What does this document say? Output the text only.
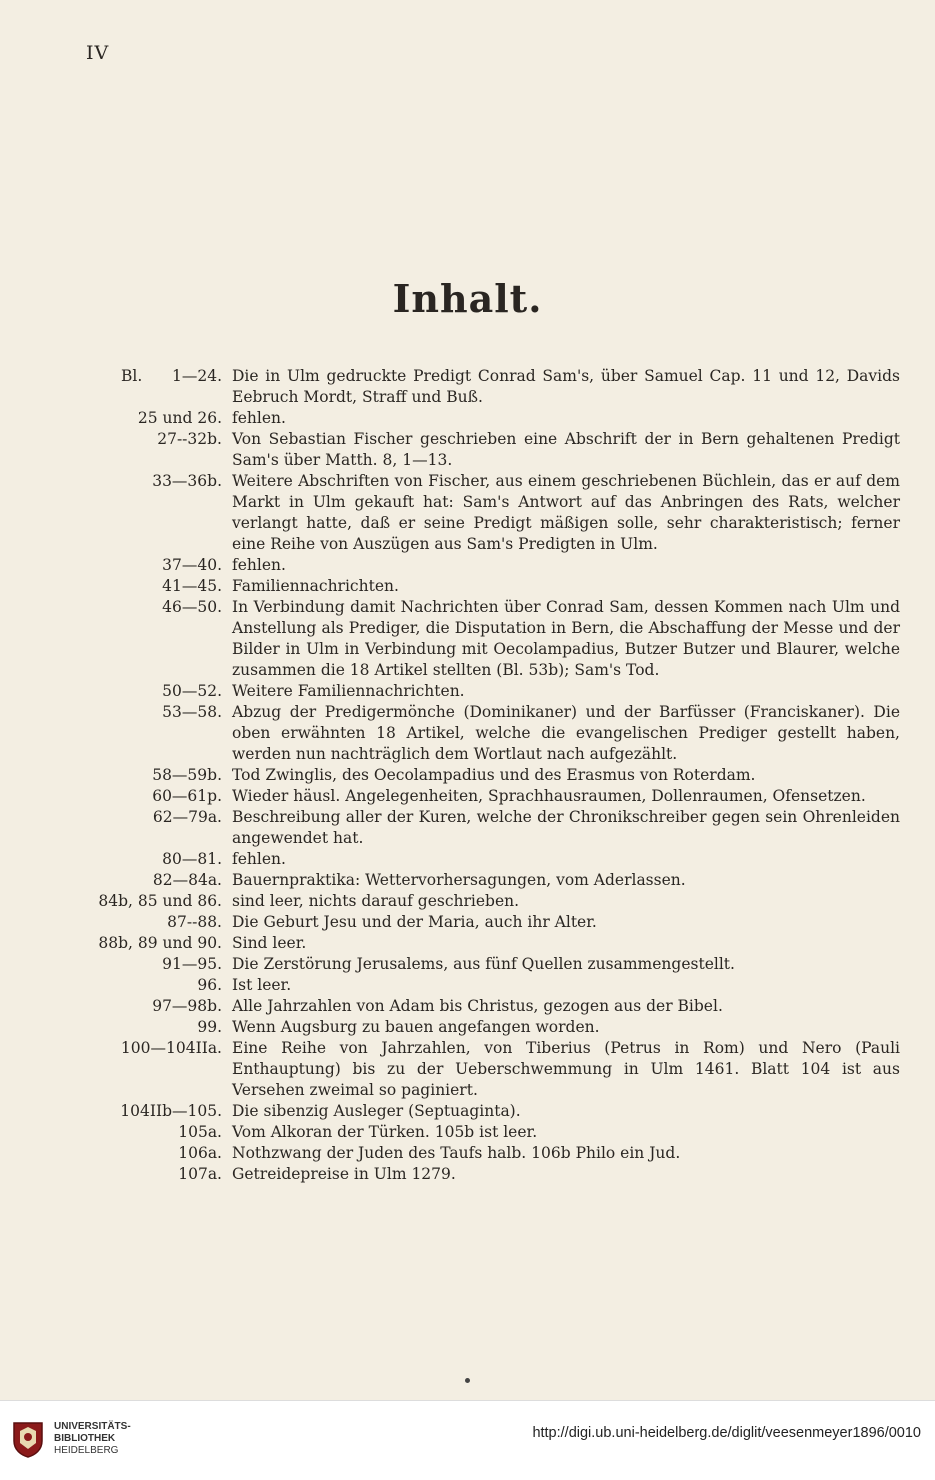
IV
Inhalt.
Bl. 1—24. Die in Ulm gedruckte Predigt Conrad Sam's, über Samuel Cap. 11 und 12, Davids Eebruch Mordt, Straff und Buß.
25 und 26. fehlen.
27--32b. Von Sebastian Fischer geschrieben eine Abschrift der in Bern gehaltenen Predigt Sam's über Matth. 8, 1—13.
33—36b. Weitere Abschriften von Fischer, aus einem geschriebenen Büchlein, das er auf dem Markt in Ulm gekauft hat: Sam's Antwort auf das Anbringen des Rats, welcher verlangt hatte, daß er seine Predigt mäßigen solle, sehr charakteristisch; ferner eine Reihe von Auszügen aus Sam's Predigten in Ulm.
37—40. fehlen.
41—45. Familiennachrichten.
46—50. In Verbindung damit Nachrichten über Conrad Sam, dessen Kommen nach Ulm und Anstellung als Prediger, die Disputation in Bern, die Abschaffung der Messe und der Bilder in Ulm in Verbindung mit Oecolampadius, Butzer Butzer und Blaurer, welche zusammen die 18 Artikel stellten (Bl. 53b); Sam's Tod.
50—52. Weitere Familiennachrichten.
53—58. Abzug der Predigermönche (Dominikaner) und der Barfüsser (Franciskaner). Die oben erwähnten 18 Artikel, welche die evangelischen Prediger gestellt haben, werden nun nachträglich dem Wortlaut nach aufgezählt.
58—59b. Tod Zwinglis, des Oecolampadius und des Erasmus von Roterdam.
60—61p. Wieder häusl. Angelegenheiten, Sprachhausraumen, Dollenraumen, Ofensetzen.
62—79a. Beschreibung aller der Kuren, welche der Chronikschreiber gegen sein Ohrenleiden angewendet hat.
80—81. fehlen.
82—84a. Bauernpraktika: Wettervorhersagungen, vom Aderlassen.
84b, 85 und 86. sind leer, nichts darauf geschrieben.
87--88. Die Geburt Jesu und der Maria, auch ihr Alter.
88b, 89 und 90. Sind leer.
91—95. Die Zerstörung Jerusalems, aus fünf Quellen zusammengestellt.
96. Ist leer.
97—98b. Alle Jahrzahlen von Adam bis Christus, gezogen aus der Bibel.
99. Wenn Augsburg zu bauen angefangen worden.
100—104IIa. Eine Reihe von Jahrzahlen, von Tiberius (Petrus in Rom) und Nero (Pauli Enthauptung) bis zu der Ueberschwemmung in Ulm 1461. Blatt 104 ist aus Versehen zweimal so paginiert.
104IIb—105. Die sibenzig Ausleger (Septuaginta).
105a. Vom Alkoran der Türken. 105b ist leer.
106a. Nothzwang der Juden des Taufs halb. 106b Philo ein Jud.
107a. Getreidepreise in Ulm 1279.
UNIVERSITÄTS-
BIBLIOTHEK
HEIDELBERG
http://digi.ub.uni-heidelberg.de/diglit/veesenmeyer1896/0010
